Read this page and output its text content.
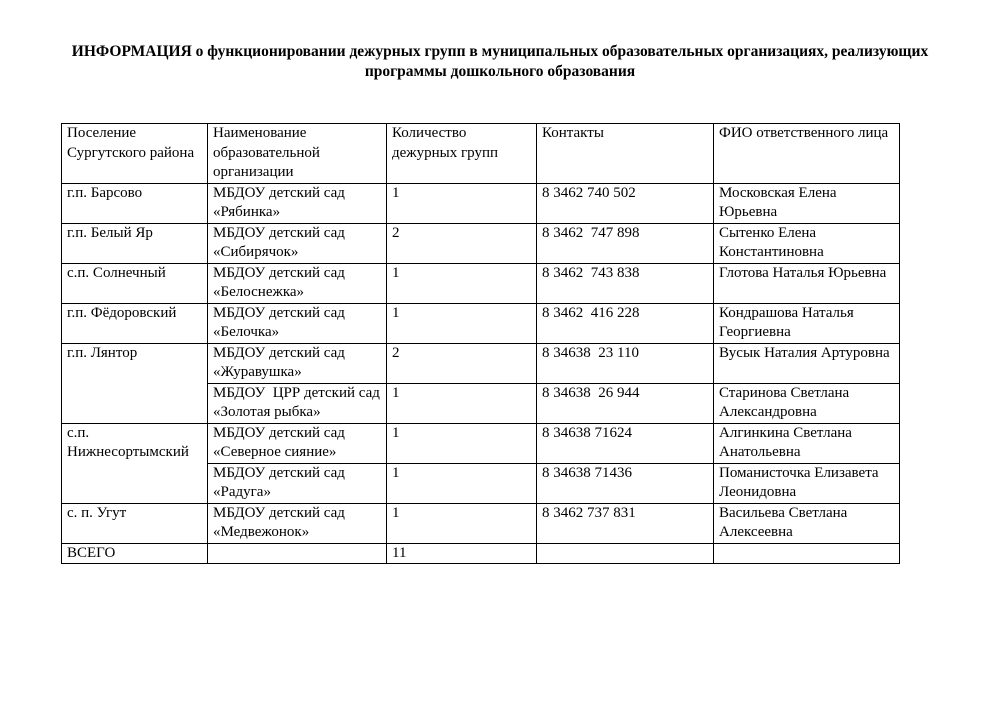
ИНФОРМАЦИЯ о функционировании дежурных групп в муниципальных образовательных организациях, реализующих
программы дошкольного образования
Поселение Сургутского района	Наименование образовательной организации	Количество дежурных групп	Контакты	ФИО ответственного лица
г.п. Барсово	МБДОУ детский сад «Рябинка»	1	8 3462 740 502	Московская Елена Юрьевна
г.п. Белый Яр	МБДОУ детский сад «Сибирячок»	2	8 3462  747 898	Сытенко Елена Константиновна
с.п. Солнечный	МБДОУ детский сад «Белоснежка»	1	8 3462  743 838	Глотова Наталья Юрьевна
г.п. Фёдоровский	МБДОУ детский сад «Белочка»	1	8 3462  416 228	Кондрашова Наталья Георгиевна
г.п. Лянтор	МБДОУ детский сад «Журавушка»	2	8 34638  23 110	Вусык Наталия Артуровна
	МБДОУ  ЦРР детский сад «Золотая рыбка»	1	8 34638  26 944	Старинова Светлана Александровна
с.п. Нижнесортымский	МБДОУ детский сад «Северное сияние»	1	8 34638 71624	Алгинкина Светлана Анатольевна
	МБДОУ детский сад «Радуга»	1	8 34638 71436	Поманисточка Елизавета Леонидовна
с. п. Угут	МБДОУ детский сад «Медвежонок»	1	8 3462 737 831	Васильева Светлана Алексеевна
ВСЕГО		11		
